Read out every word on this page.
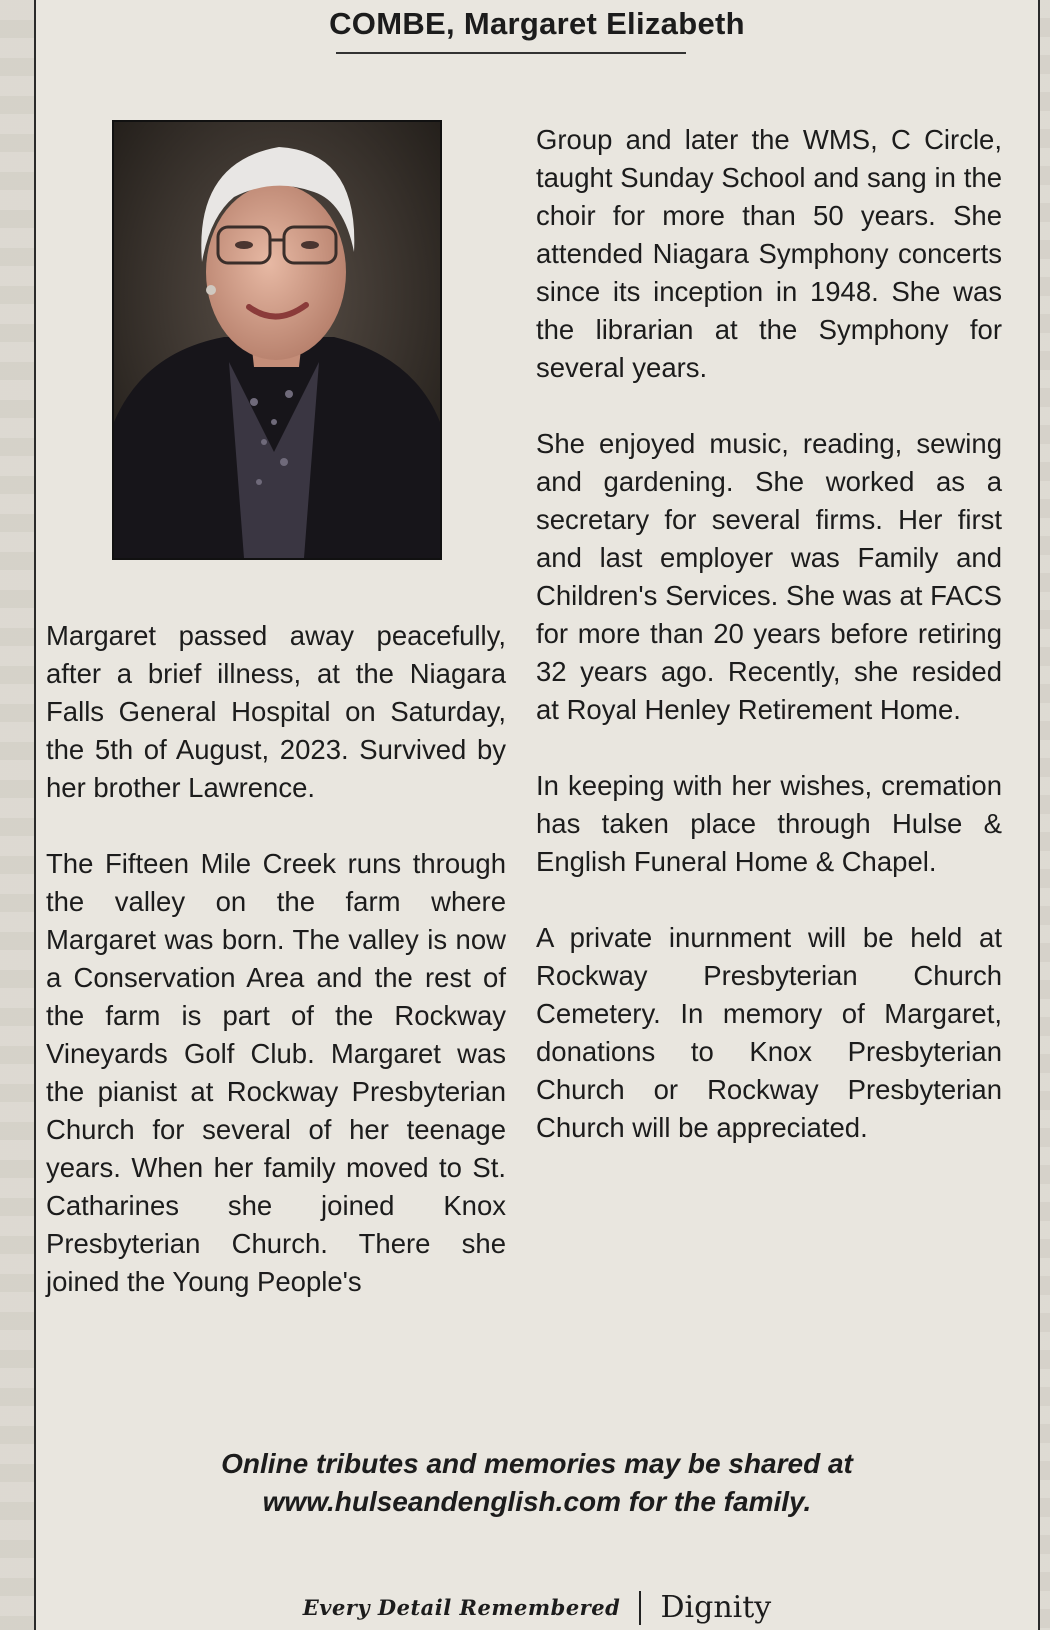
COMBE, Margaret Elizabeth

Margaret passed away peacefully, after a brief illness, at the Niagara Falls General Hospital on Saturday, the 5th of August, 2023. Survived by her brother Lawrence.

The Fifteen Mile Creek runs through the valley on the farm where Margaret was born. The valley is now a Conservation Area and the rest of the farm is part of the Rockway Vineyards Golf Club. Margaret was the pianist at Rockway Presbyterian Church for several of her teenage years. When her family moved to St. Catharines she joined Knox Presbyterian Church. There she joined the Young People's

Group and later the WMS, C Circle, taught Sunday School and sang in the choir for more than 50 years. She attended Niagara Symphony concerts since its inception in 1948. She was the librarian at the Symphony for several years.

She enjoyed music, reading, sewing and gardening. She worked as a secretary for several firms. Her first and last employer was Family and Children's Services. She was at FACS for more than 20 years before retiring 32 years ago. Recently, she resided at Royal Henley Retirement Home.

In keeping with her wishes, cremation has taken place through Hulse & English Funeral Home & Chapel.

A private inurnment will be held at Rockway Presbyterian Church Cemetery. In memory of Margaret, donations to Knox Presbyterian Church or Rockway Presbyterian Church will be appreciated.

Online tributes and memories may be shared at
www.hulseandenglish.com for the family.
Every Detail Remembered Dignity
